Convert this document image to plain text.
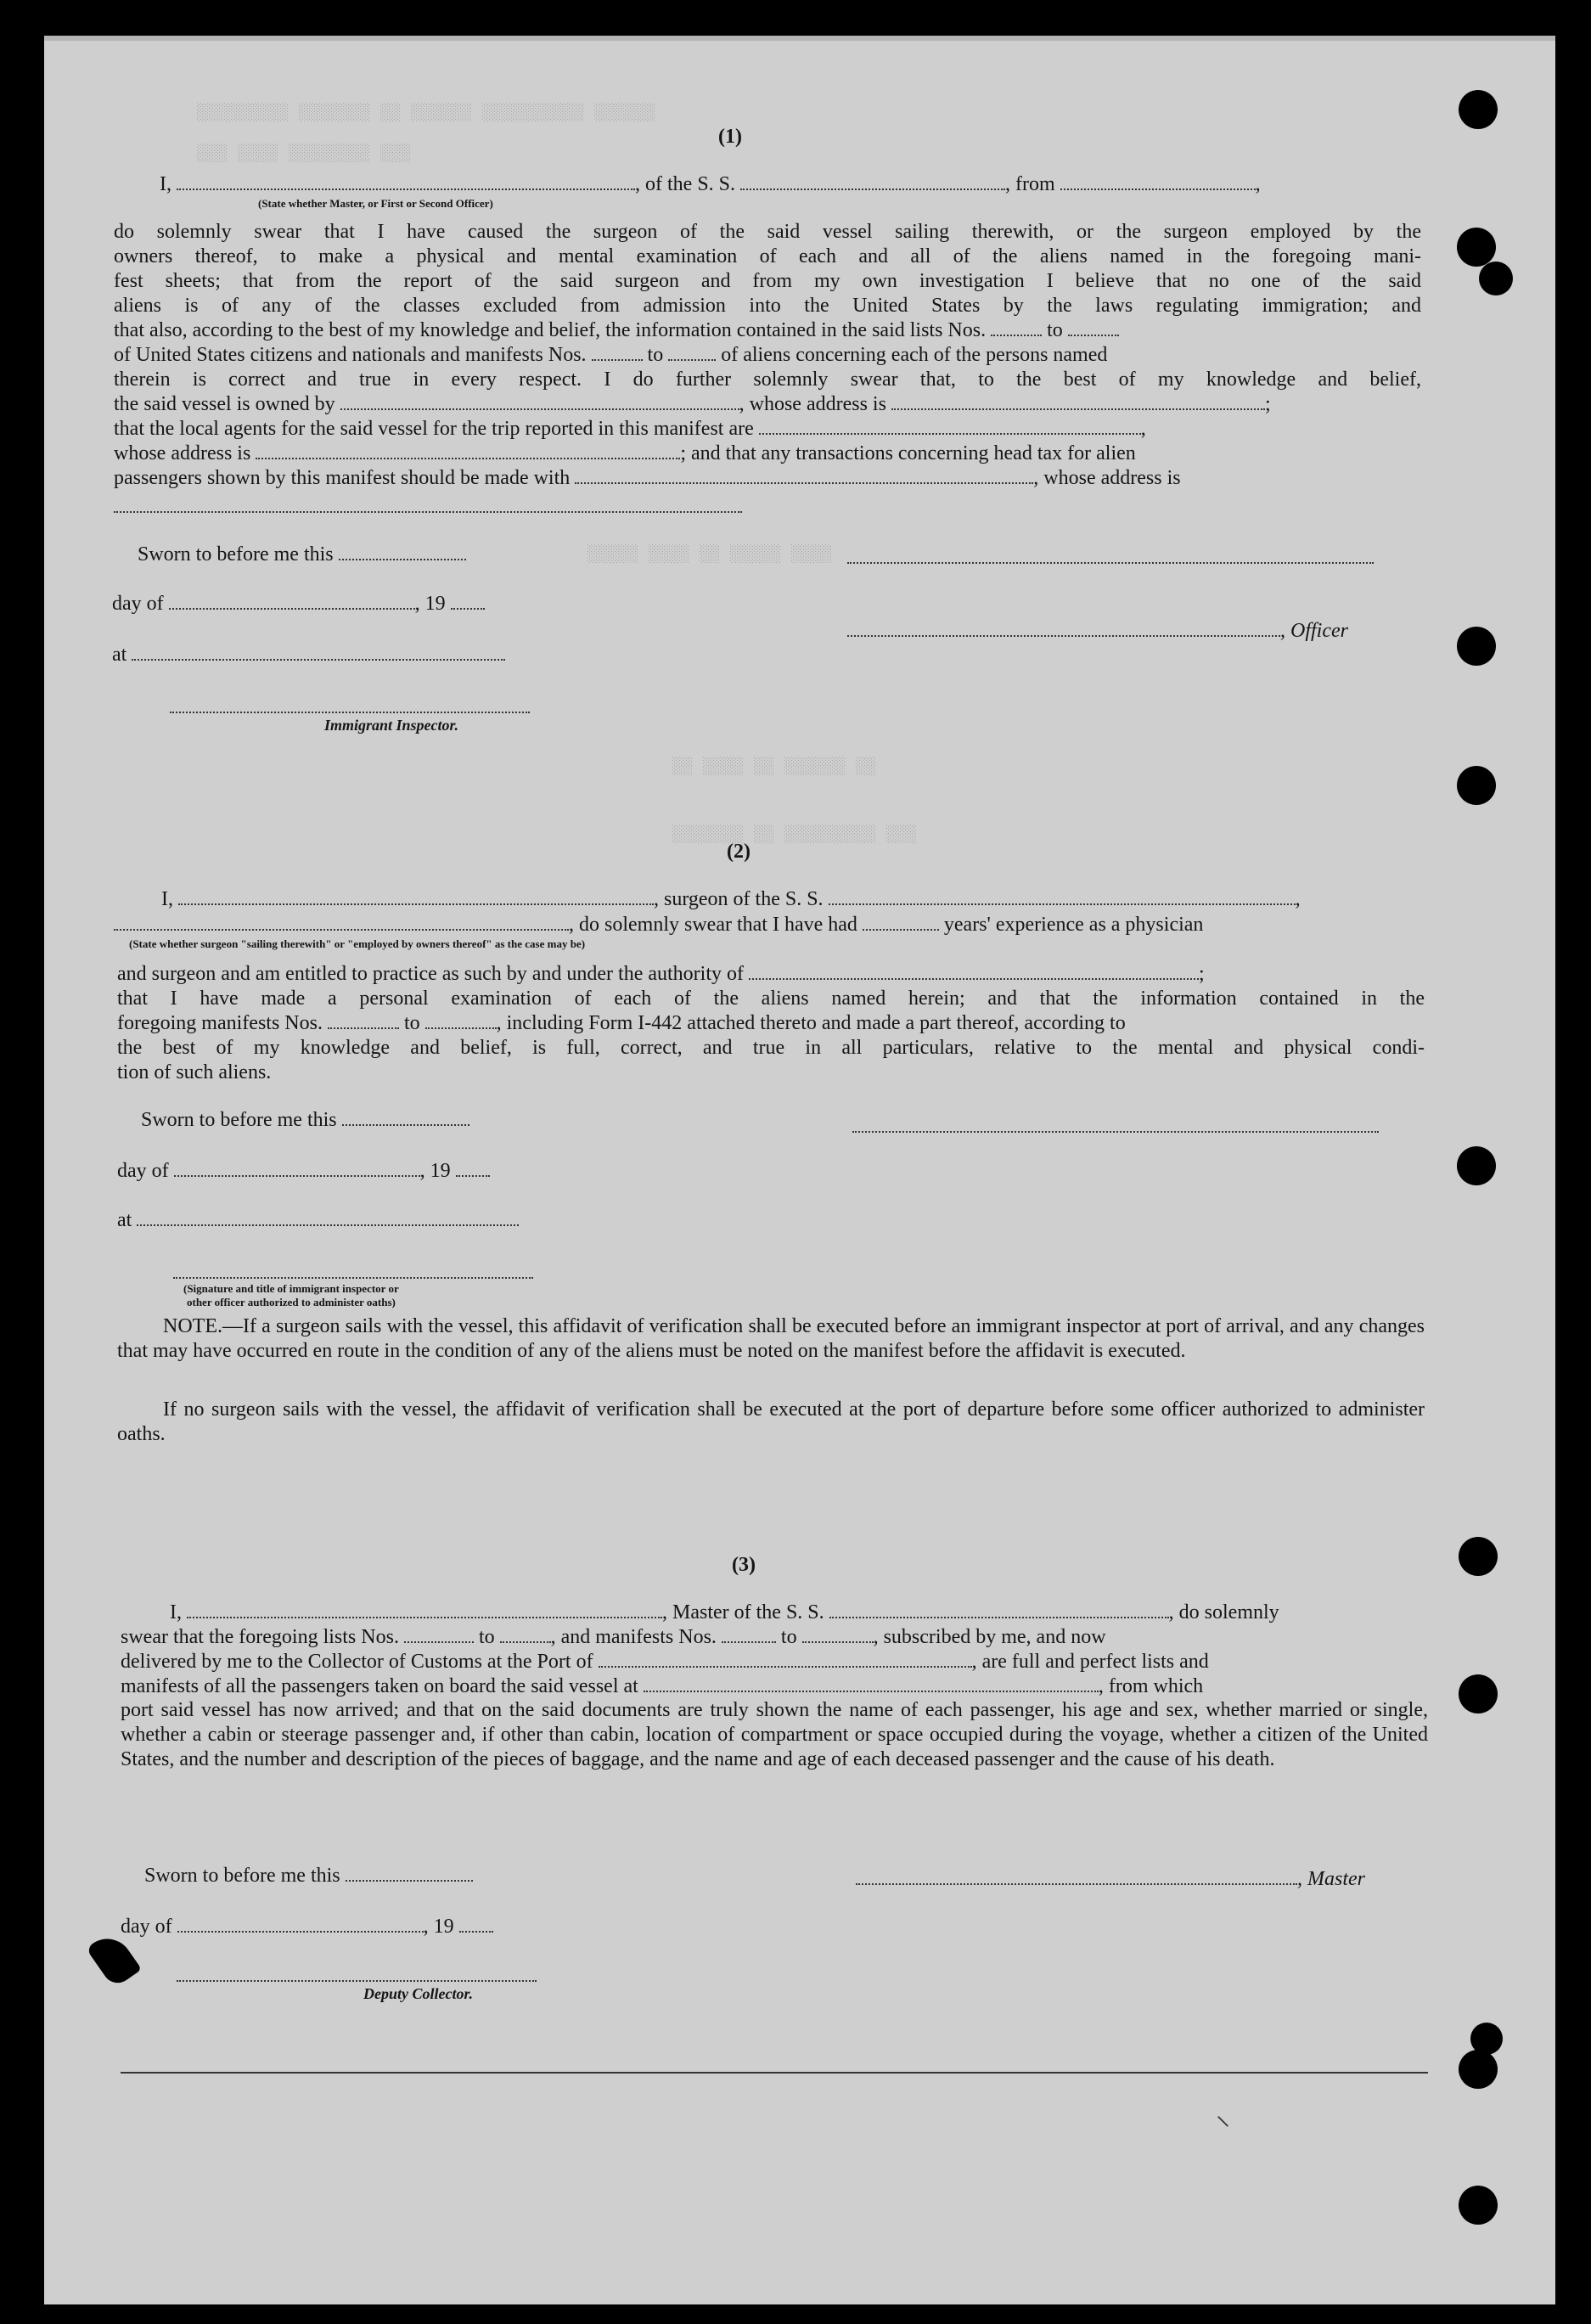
░░░░░░░░░ ░░░░░░░ ░░ ░░░░░░ ░░░░░░░░░░ ░░░░░░
░░░ ░░░░ ░░░░░░░░ ░░░
░░░░░ ░░░░ ░░ ░░░░░ ░░░░
░░ ░░░░ ░░ ░░░░░░ ░░
░░░░░░░ ░░ ░░░░░░░░░ ░░░
(1)
I,	, of the S. S.	, from	,
(State whether Master, or First or Second Officer)
do solemnly swear that I have caused the surgeon of the said vessel sailing therewith, or the surgeon employed by the
owners thereof, to make a physical and mental examination of each and all of the aliens named in the foregoing mani-
fest sheets; that from the report of the said surgeon and from my own investigation I believe that no one of the said
aliens is of any of the classes excluded from admission into the United States by the laws regulating immigration; and
that also, according to the best of my knowledge and belief, the information contained in the said lists Nos.	to
of United States citizens and nationals and manifests Nos.	to	of aliens concerning each of the persons named
therein is correct and true in every respect. I do further solemnly swear that, to the best of my knowledge and belief,
the said vessel is owned by	, whose address is	;
that the local agents for the said vessel for the trip reported in this manifest are	,
whose address is	; and that any transactions concerning head tax for alien
passengers shown by this manifest should be made with	, whose address is
Sworn to before me this
day of	, 19
, Officer
at
Immigrant Inspector.
(2)
I,	, surgeon of the S. S.	,
, do solemnly swear that I have had	years' experience as a physician
(State whether surgeon "sailing therewith" or "employed by owners thereof" as the case may be)
and surgeon and am entitled to practice as such by and under the authority of	;
that I have made a personal examination of each of the aliens named herein; and that the information contained in the
foregoing manifests Nos.	to	, including Form I-442 attached thereto and made a part thereof, according to
the best of my knowledge and belief, is full, correct, and true in all particulars, relative to the mental and physical condi-
tion of such aliens.
Sworn to before me this
day of	, 19
at
(Signature and title of immigrant inspector or
other officer authorized to administer oaths)
NOTE.—If a surgeon sails with the vessel, this affidavit of verification shall be executed before an immigrant inspector at port of arrival, and any changes that may have occurred en route in the condition of any of the aliens must be noted on the manifest before the affidavit is executed.
If no surgeon sails with the vessel, the affidavit of verification shall be executed at the port of departure before some officer authorized to administer oaths.
(3)
I,	, Master of the S. S.	, do solemnly
swear that the foregoing lists Nos.	to	, and manifests Nos.	to	, subscribed by me, and now
delivered by me to the Collector of Customs at the Port of	, are full and perfect lists and
manifests of all the passengers taken on board the said vessel at	, from which
port said vessel has now arrived; and that on the said documents are truly shown the name of each passenger, his age and sex, whether married or single, whether a cabin or steerage passenger and, if other than cabin, location of compartment or space occupied during the voyage, whether a citizen of the United States, and the number and description of the pieces of baggage, and the name and age of each deceased passenger and the cause of his death.
Sworn to before me this	, Master
day of	, 19
Deputy Collector.
⸜
